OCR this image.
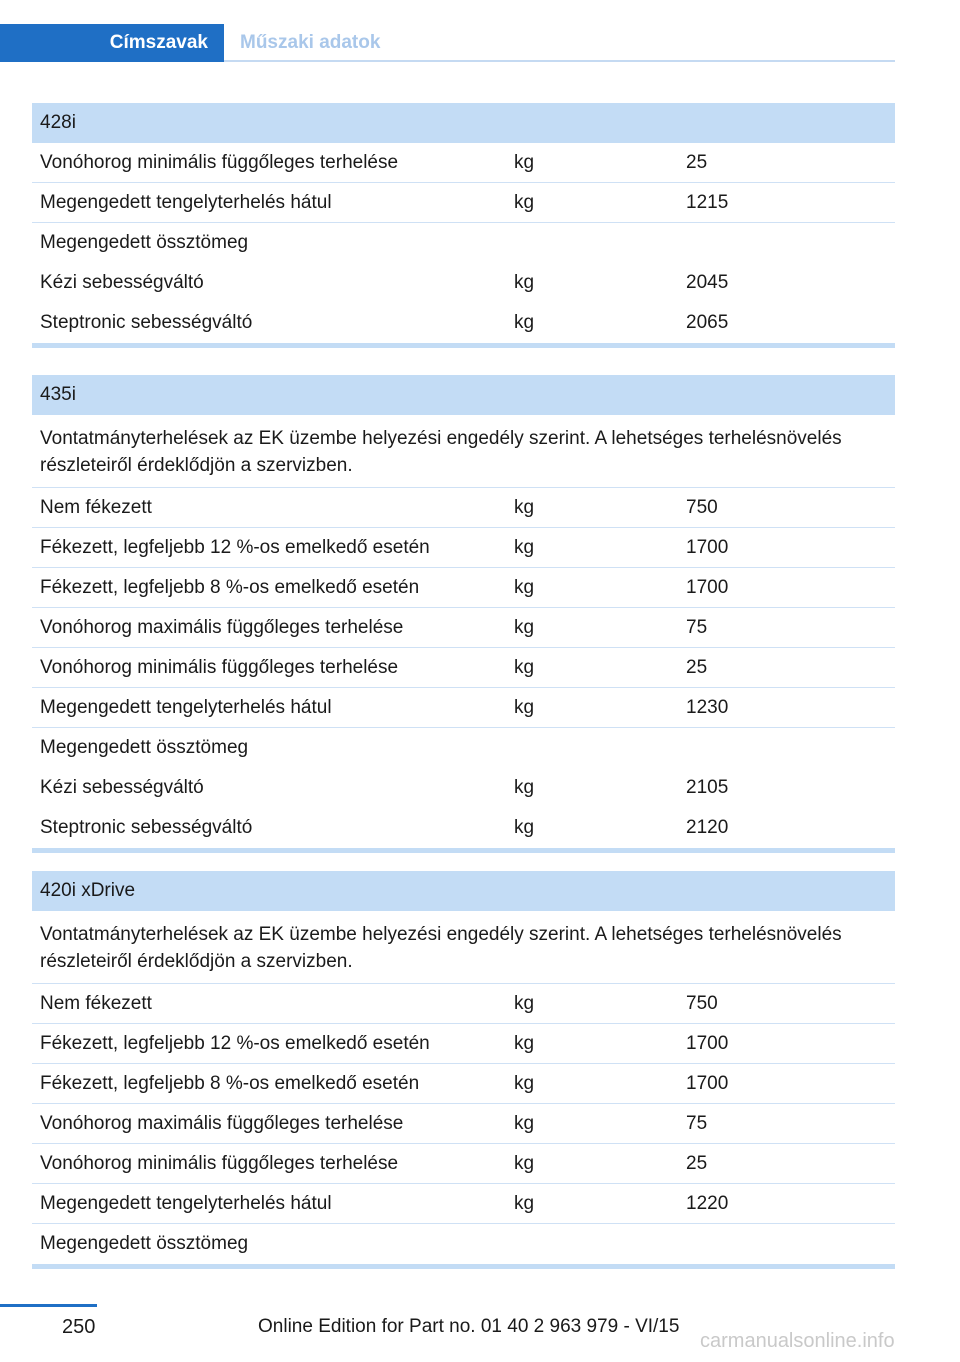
Címszavak	Műszaki adatok
428i
Vonóhorog minimális függőleges terhelése	kg	25
Megengedett tengelyterhelés hátul	kg	1215
Megengedett össztömeg
Kézi sebességváltó	kg	2045
Steptronic sebességváltó	kg	2065
435i
Vontatmányterhelések az EK üzembe helyezési engedély szerint. A lehetséges terhelésnövelés részleteiről érdeklődjön a szervizben.
Nem fékezett	kg	750
Fékezett, legfeljebb 12 %-os emelkedő esetén	kg	1700
Fékezett, legfeljebb 8 %-os emelkedő esetén	kg	1700
Vonóhorog maximális függőleges terhelése	kg	75
Vonóhorog minimális függőleges terhelése	kg	25
Megengedett tengelyterhelés hátul	kg	1230
Megengedett össztömeg
Kézi sebességváltó	kg	2105
Steptronic sebességváltó	kg	2120
420i xDrive
Vontatmányterhelések az EK üzembe helyezési engedély szerint. A lehetséges terhelésnövelés részleteiről érdeklődjön a szervizben.
Nem fékezett	kg	750
Fékezett, legfeljebb 12 %-os emelkedő esetén	kg	1700
Fékezett, legfeljebb 8 %-os emelkedő esetén	kg	1700
Vonóhorog maximális függőleges terhelése	kg	75
Vonóhorog minimális függőleges terhelése	kg	25
Megengedett tengelyterhelés hátul	kg	1220
Megengedett össztömeg
250	Online Edition for Part no. 01 40 2 963 979 - VI/15
carmanualsonline.info
